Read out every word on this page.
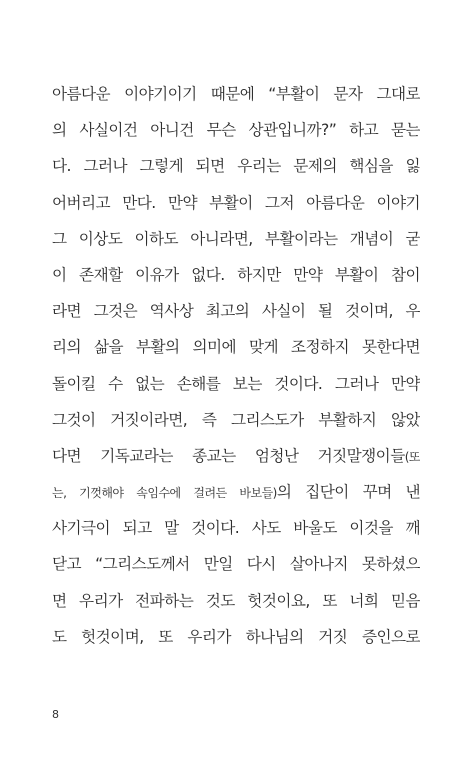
아름다운 이야기이기 때문에 “부활이 문자 그대로
의 사실이건 아니건 무슨 상관입니까?” 하고 묻는
다. 그러나 그렇게 되면 우리는 문제의 핵심을 잃
어버리고 만다. 만약 부활이 그저 아름다운 이야기
그 이상도 이하도 아니라면, 부활이라는 개념이 굳
이 존재할 이유가 없다. 하지만 만약 부활이 참이
라면 그것은 역사상 최고의 사실이 될 것이며, 우
리의 삶을 부활의 의미에 맞게 조정하지 못한다면
돌이킬 수 없는 손해를 보는 것이다. 그러나 만약
그것이 거짓이라면, 즉 그리스도가 부활하지 않았
다면 기독교라는 종교는 엄청난 거짓말쟁이들(또
는, 기껏해야 속임수에 걸려든 바보들)의 집단이 꾸며 낸
사기극이 되고 말 것이다. 사도 바울도 이것을 깨
닫고 “그리스도께서 만일 다시 살아나지 못하셨으
면 우리가 전파하는 것도 헛것이요, 또 너희 믿음
도 헛것이며, 또 우리가 하나님의 거짓 증인으로
8
